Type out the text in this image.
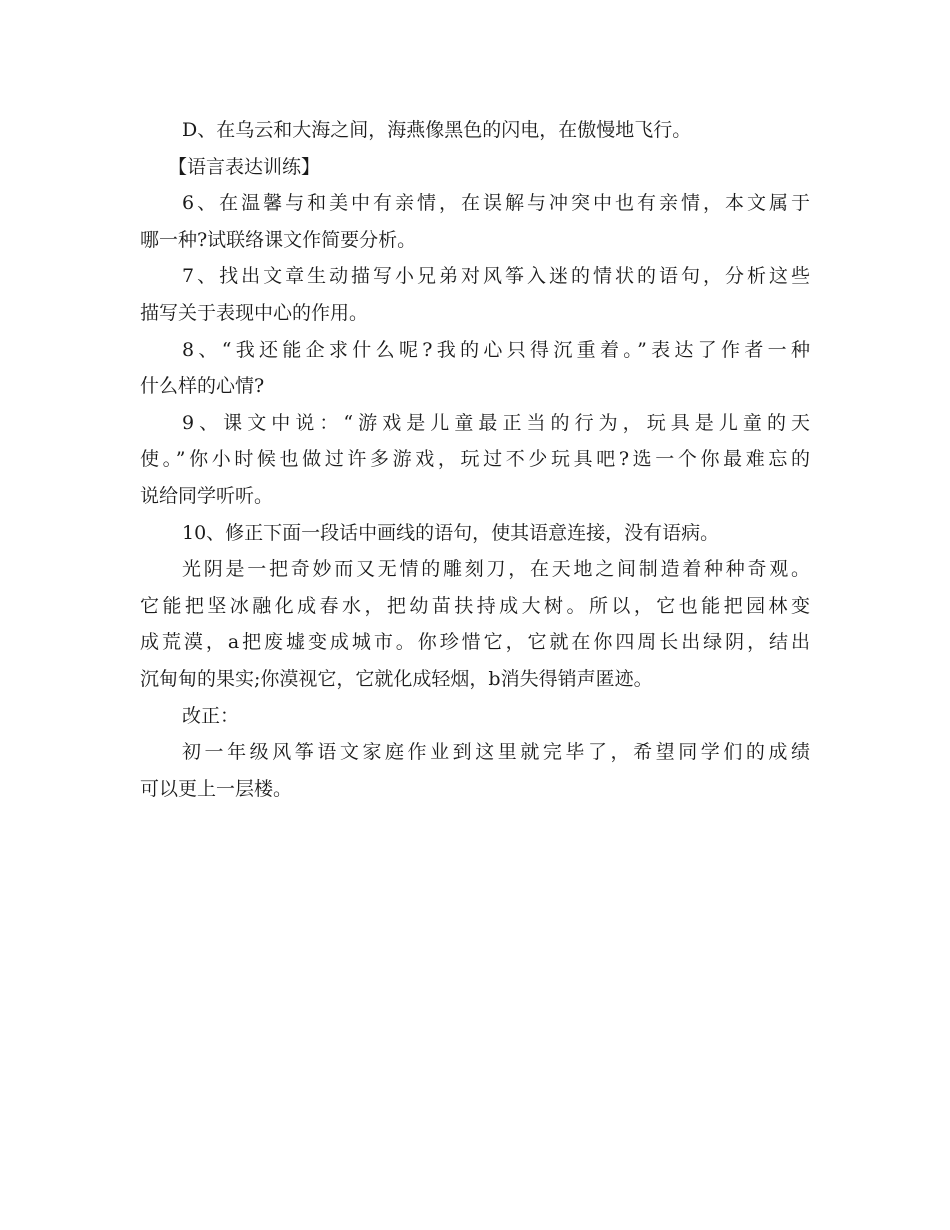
D、在乌云和大海之间，海燕像黑色的闪电，在傲慢地飞行。
【语言表达训练】
6、在温馨与和美中有亲情，在误解与冲突中也有亲情，本文属于
哪一种?试联络课文作简要分析。
7、找出文章生动描写小兄弟对风筝入迷的情状的语句，分析这些
描写关于表现中心的作用。
8、“我还能企求什么呢?我的心只得沉重着。”表达了作者一种
什么样的心情?
9、课文中说：“游戏是儿童最正当的行为，玩具是儿童的天
使。”你小时候也做过许多游戏，玩过不少玩具吧?选一个你最难忘的
说给同学听听。
10、修正下面一段话中画线的语句，使其语意连接，没有语病。
光阴是一把奇妙而又无情的雕刻刀，在天地之间制造着种种奇观。
它能把坚冰融化成春水，把幼苗扶持成大树。所以，它也能把园林变
成荒漠，a把废墟变成城市。你珍惜它，它就在你四周长出绿阴，结出
沉甸甸的果实;你漠视它，它就化成轻烟，b消失得销声匿迹。
改正：
初一年级风筝语文家庭作业到这里就完毕了，希望同学们的成绩
可以更上一层楼。
